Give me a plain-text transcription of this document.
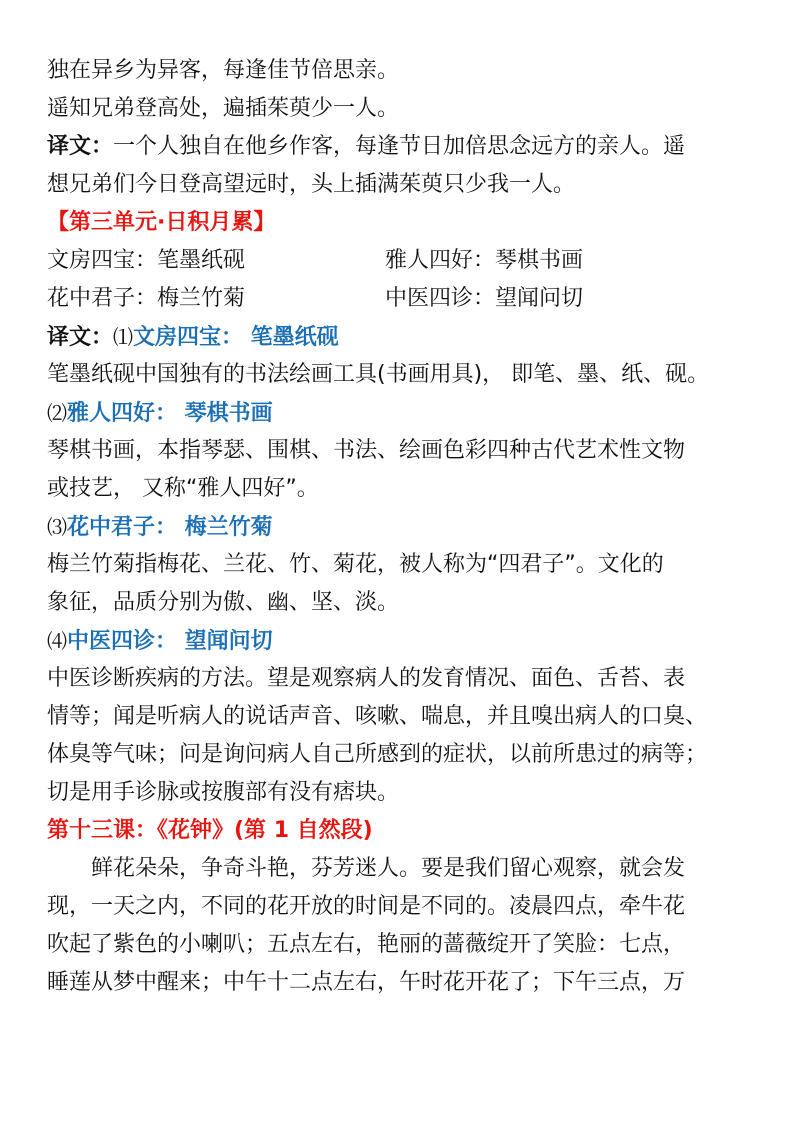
独在异乡为异客，每逢佳节倍思亲。
遥知兄弟登高处，遍插茱萸少一人。
译文：一个人独自在他乡作客，每逢节日加倍思念远方的亲人。遥
想兄弟们今日登高望远时，头上插满茱萸只少我一人。
【第三单元·日积月累】
文房四宝：笔墨纸砚	雅人四好：琴棋书画
花中君子：梅兰竹菊	中医四诊：望闻问切
译文：⑴文房四宝： 笔墨纸砚
笔墨纸砚中国独有的书法绘画工具(书画用具)， 即笔、墨、纸、砚。
⑵雅人四好： 琴棋书画
琴棋书画，本指琴瑟、围棋、书法、绘画色彩四种古代艺术性文物
或技艺， 又称“雅人四好”。
⑶花中君子： 梅兰竹菊
梅兰竹菊指梅花、兰花、竹、菊花，被人称为“四君子”。文化的
象征，品质分别为傲、幽、坚、淡。
⑷中医四诊： 望闻问切
中医诊断疾病的方法。望是观察病人的发育情况、面色、舌苔、表
情等；闻是听病人的说话声音、咳嗽、喘息，并且嗅出病人的口臭、
体臭等气味；问是询问病人自己所感到的症状，以前所患过的病等；
切是用手诊脉或按腹部有没有痞块。
第十三课：《花钟》(第 1 自然段)
鲜花朵朵，争奇斗艳，芬芳迷人。要是我们留心观察，就会发
现，一天之内，不同的花开放的时间是不同的。凌晨四点，牵牛花
吹起了紫色的小喇叭；五点左右，艳丽的蔷薇绽开了笑脸：七点，
睡莲从梦中醒来；中午十二点左右，午时花开花了；下午三点，万
